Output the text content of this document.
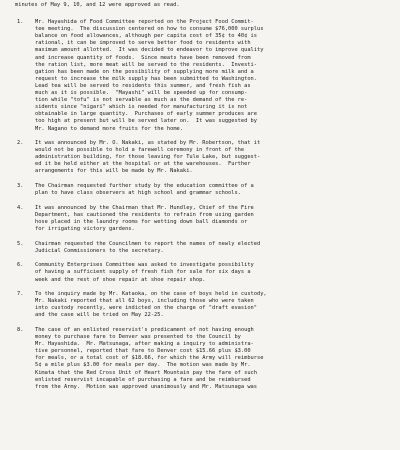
minutes of May 9, 10, and 12 were approved as read.
1.	Mr. Hayashida of Food Committee reported on the Project Food Commit-
tee meeting.  The discussion centered on how to consume $76,000 surplus
balance on food allowances, although per capita cost of 35¢ to 40¢ is
rational, it can be improved to serve better food to residents with
maximum amount allotted.  It was decided to endeavor to improve quality
and increase quantity of foods.  Since meats have been removed from
the ration list, more meat will be served to the residents.  Investi-
gation has been made on the possibility of supplying more milk and a
request to increase the milk supply has been submitted to Washington.
Lead tea will be served to residents this summer, and fresh fish as
much as it is possible.  "Mayashi" will be speeded up for consump-
tion while "tofu" is not servable as much as the demand of the re-
sidents since "nigari" which is needed for manufacturing it is not
obtainable in large quantity.  Purchases of early summer produces are
too high at present but will be served later on.  It was suggested by
Mr. Nagano to demand more fruits for the home.
2.	It was announced by Mr. O. Nakaki, as stated by Mr. Robertson, that it
would not be possible to hold a farewell ceremony in front of the
administration building, for those leaving for Tule Lake, but suggest-
ed it be held either at the hospital or at the warehouses.  Further
arrangements for this will be made by Mr. Nakaki.
3.	The Chairman requested further study by the education committee of a
plan to have class observers at high school and grammar schools.
4.	It was announced by the Chairman that Mr. Hundley, Chief of the Fire
Department, has cautioned the residents to refrain from using garden
hose placed in the laundry rooms for wetting down ball diamonds or
for irrigating victory gardens.
5.	Chairman requested the Councilmen to report the names of newly elected
Judicial Commissioners to the secretary.
6.	Community Enterprises Committee was asked to investigate possibility
of having a sufficient supply of fresh fish for sale for six days a
week and the rest of shoe repair at shoe repair shop.
7.	To the inquiry made by Mr. Kataoka, on the case of boys held in custody,
Mr. Nakaki reported that all 62 boys, including those who were taken
into custody recently, were indicted on the charge of "draft evasion"
and the case will be tried on May 22-25.
8.	The case of an enlisted reservist's predicament of not having enough
money to purchase fare to Denver was presented to the Council by
Mr. Hayashida.  Mr. Matsunaga, after making a inquiry to administra-
tive personnel, reported that fare to Denver cost $15.66 plus $3.00
for meals, or a total cost of $18.66, for which the Army will reimburse
5¢ a mile plus $3.00 for meals per day.  The motion was made by Mr.
Kimata that the Red Cross Unit of Heart Mountain pay the fare of such
enlisted reservist incapable of purchasing a fare and be reimbursed
from the Army.  Motion was approved unanimously and Mr. Matsunaga was
